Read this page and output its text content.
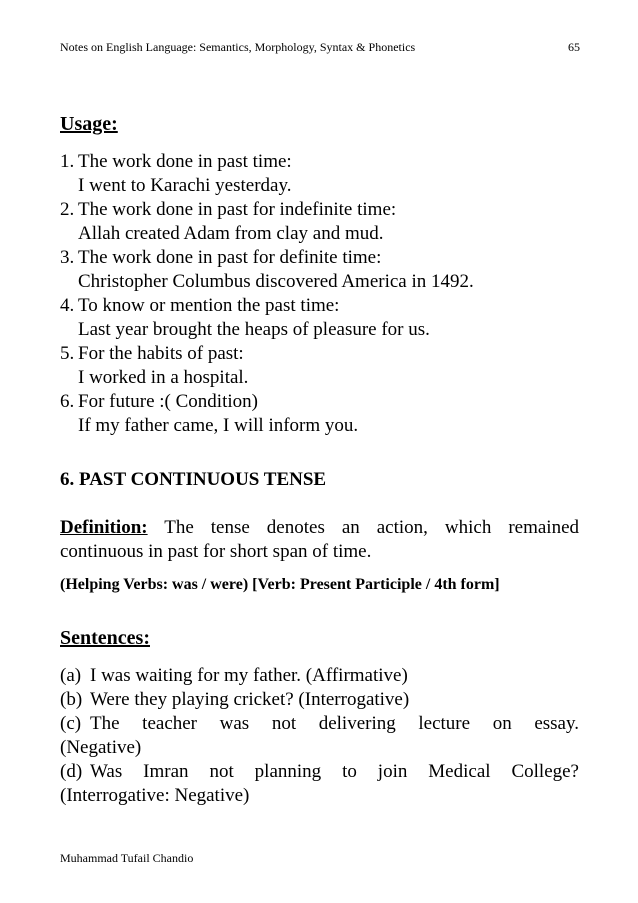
Notes on English Language: Semantics, Morphology, Syntax & Phonetics	65
Usage:
1. The work done in past time:
I went to Karachi yesterday.
2. The work done in past for indefinite time:
Allah created Adam from clay and mud.
3. The work done in past for definite time:
Christopher Columbus discovered America in 1492.
4. To know or mention the past time:
Last year brought the heaps of pleasure for us.
5. For the habits of past:
I worked in a hospital.
6. For future :( Condition)
If my father came, I will inform you.
6. PAST CONTINUOUS TENSE
Definition: The tense denotes an action, which remained continuous in past for short span of time.
(Helping Verbs: was / were) [Verb: Present Participle / 4th form]
Sentences:
(a) I was waiting for my father. (Affirmative)
(b) Were they playing cricket? (Interrogative)
(c) The teacher was not delivering lecture on essay.
(Negative)
(d) Was Imran not planning to join Medical College?
(Interrogative: Negative)
Muhammad Tufail Chandio
